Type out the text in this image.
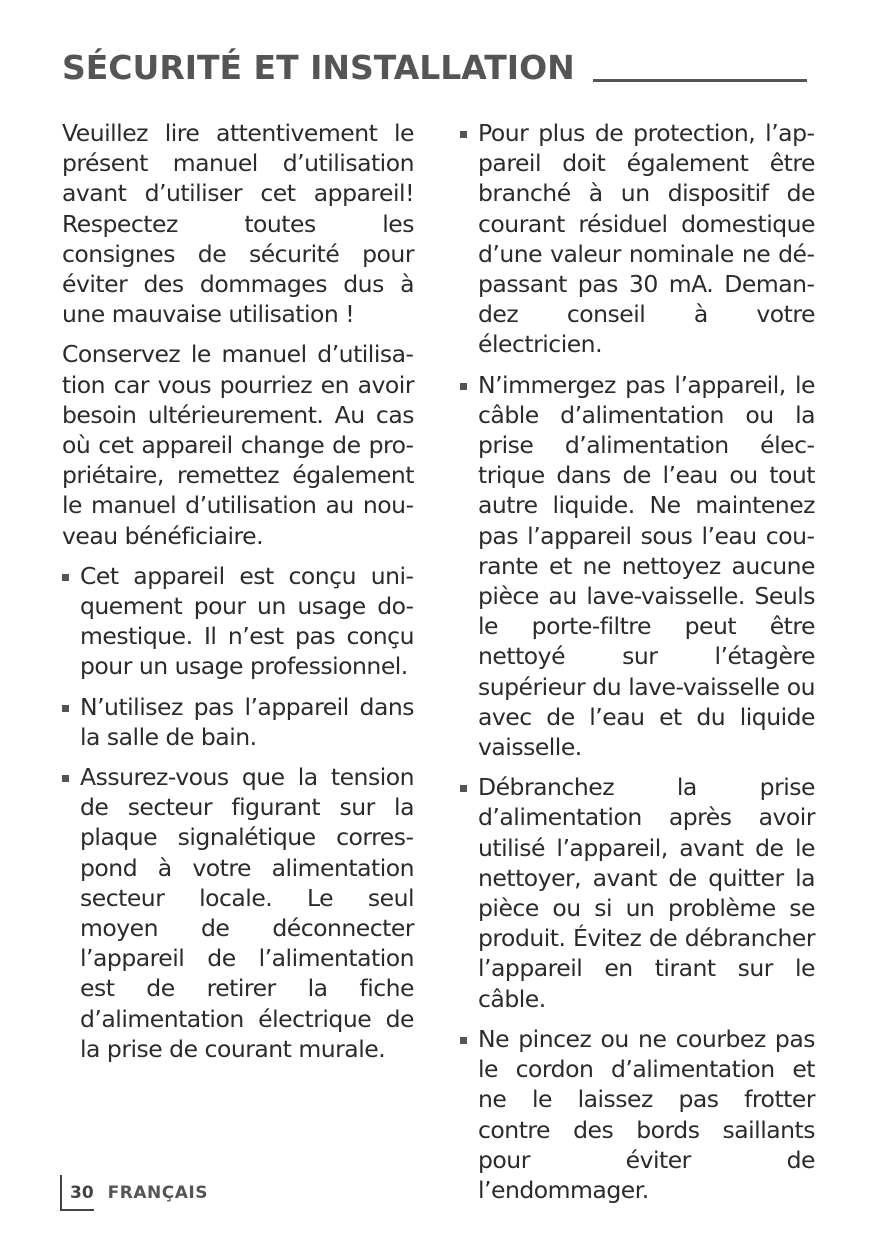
SÉCURITÉ ET INSTALLATION

Veuillez lire attentivement le présent manuel d’utilisation avant d’utiliser cet appareil! Respectez toutes les consignes de sécurité pour éviter des dommages dus à une mauvaise utilisation !

Conservez le manuel d’utilisation car vous pourriez en avoir besoin ultérieurement. Au cas où cet appareil change de propriétaire, remettez également le manuel d’utilisation au nouveau bénéficiaire.

Cet appareil est conçu uniquement pour un usage domestique. Il n’est pas conçu pour un usage professionnel.
N’utilisez pas l’appareil dans la salle de bain.
Assurez-vous que la tension de secteur figurant sur la plaque signalétique correspond à votre alimentation secteur locale. Le seul moyen de déconnecter l’appareil de l’alimentation est de retirer la fiche d’alimentation électrique de la prise de courant murale.
Pour plus de protection, l’appareil doit également être branché à un dispositif de courant résiduel domestique d’une valeur nominale ne dépassant pas 30 mA. Demandez conseil à votre électricien.
N’immergez pas l’appareil, le câble d’alimentation ou la prise d’alimentation électrique dans de l’eau ou tout autre liquide. Ne maintenez pas l’appareil sous l’eau courante et ne nettoyez aucune pièce au lave-vaisselle. Seuls le porte-filtre peut être nettoyé sur l’étagère supérieur du lave-vaisselle ou avec de l’eau et du liquide vaisselle.
Débranchez la prise d’alimentation après avoir utilisé l’appareil, avant de le nettoyer, avant de quitter la pièce ou si un problème se produit. Évitez de débrancher l’appareil en tirant sur le câble.
Ne pincez ou ne courbez pas le cordon d’alimentation et ne le laissez pas frotter contre des bords saillants pour éviter de l’endommager.
30 FRANÇAIS
